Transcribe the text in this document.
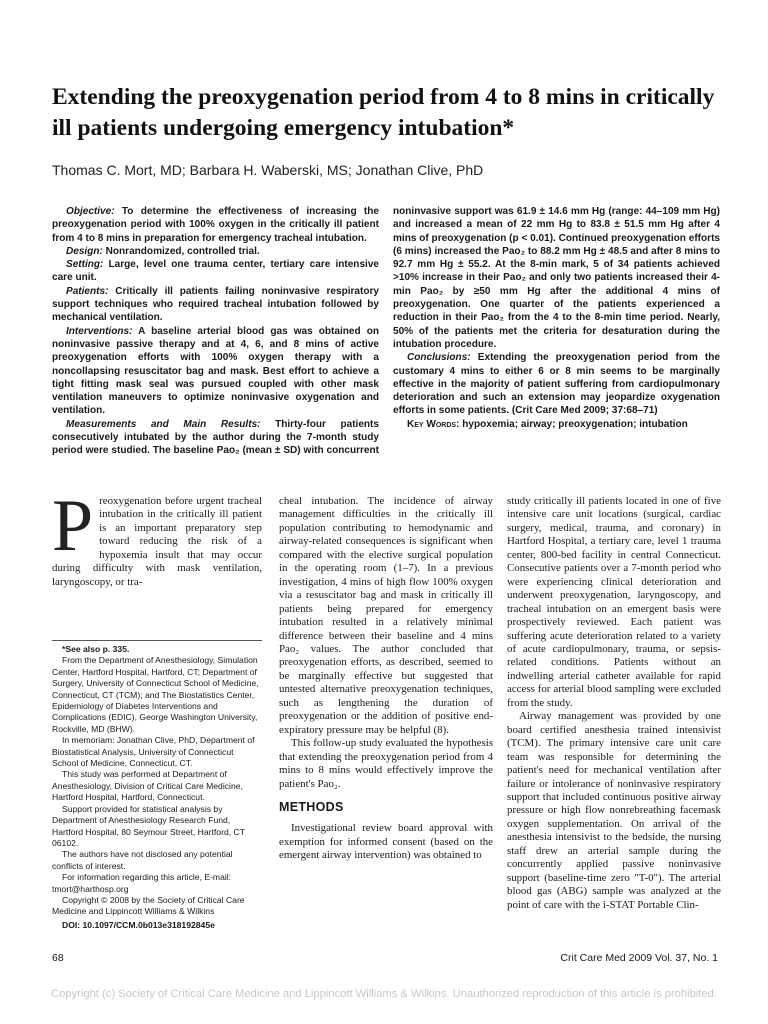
Extending the preoxygenation period from 4 to 8 mins in critically ill patients undergoing emergency intubation*
Thomas C. Mort, MD; Barbara H. Waberski, MS; Jonathan Clive, PhD

Objective: To determine the effectiveness of increasing the preoxygenation period with 100% oxygen in the critically ill patient from 4 to 8 mins in preparation for emergency tracheal intubation.

Design: Nonrandomized, controlled trial.

Setting: Large, level one trauma center, tertiary care intensive care unit.

Patients: Critically ill patients failing noninvasive respiratory support techniques who required tracheal intubation followed by mechanical ventilation.

Interventions: A baseline arterial blood gas was obtained on noninvasive passive therapy and at 4, 6, and 8 mins of active preoxygenation efforts with 100% oxygen therapy with a noncollapsing resuscitator bag and mask. Best effort to achieve a tight fitting mask seal was pursued coupled with other mask ventilation maneuvers to optimize noninvasive oxygenation and ventilation.

Measurements and Main Results: Thirty-four patients consecutively intubated by the author during the 7-month study period were studied. The baseline Pao₂ (mean ± SD) with concurrent noninvasive support was 61.9 ± 14.6 mm Hg (range: 44–109 mm Hg) and increased a mean of 22 mm Hg to 83.8 ± 51.5 mm Hg after 4 mins of preoxygenation (p < 0.01). Continued preoxygenation efforts (6 mins) increased the Pao₂ to 88.2 mm Hg ± 48.5 and after 8 mins to 92.7 mm Hg ± 55.2. At the 8-min mark, 5 of 34 patients achieved >10% increase in their Pao₂ and only two patients increased their 4-min Pao₂ by ≥50 mm Hg after the additional 4 mins of preoxygenation. One quarter of the patients experienced a reduction in their Pao₂ from the 4 to the 8-min time period. Nearly, 50% of the patients met the criteria for desaturation during the intubation procedure.

Conclusions: Extending the preoxygenation period from the customary 4 mins to either 6 or 8 min seems to be marginally effective in the majority of patient suffering from cardiopulmonary deterioration and such an extension may jeopardize oxygenation efforts in some patients. (Crit Care Med 2009; 37:68–71)

Key Words: hypoxemia; airway; preoxygenation; intubation

P reoxygenation before urgent tracheal intubation in the critically ill patient is an important preparatory step toward reducing the risk of a hypoxemia insult that may occur during difficulty with mask ventilation, laryngoscopy, or tra-

*See also p. 335.

From the Department of Anesthesiology, Simulation Center, Hartford Hospital, Hartford, CT; Department of Surgery, University of Connecticut School of Medicine, Connecticut, CT (TCM); and The Biostatistics Center, Epidemiology of Diabetes Interventions and Complications (EDIC), George Washington University, Rockville, MD (BHW).

In memoriam: Jonathan Clive, PhD, Department of Biostatistical Analysis, University of Connecticut School of Medicine, Connecticut, CT.

This study was performed at Department of Anesthesiology, Division of Critical Care Medicine, Hartford Hospital, Hartford, Connecticut.

Support provided for statistical analysis by Department of Anesthesiology Research Fund, Hartford Hospital, 80 Seymour Street, Hartford, CT 06102.

The authors have not disclosed any potential conflicts of interest.

For information regarding this article, E-mail: tmort@harthosp.org

Copyright © 2008 by the Society of Critical Care Medicine and Lippincott Williams & Wilkins

DOI: 10.1097/CCM.0b013e318192845e

cheal intubation. The incidence of airway management difficulties in the critically ill population contributing to hemodynamic and airway-related consequences is significant when compared with the elective surgical population in the operating room (1–7). In a previous investigation, 4 mins of high flow 100% oxygen via a resuscitator bag and mask in critically ill patients being prepared for emergency intubation resulted in a relatively minimal difference between their baseline and 4 mins Pao₂ values. The author concluded that preoxygenation efforts, as described, seemed to be marginally effective but suggested that untested alternative preoxygenation techniques, such as lengthening the duration of preoxygenation or the addition of positive end-expiratory pressure may be helpful (8).

This follow-up study evaluated the hypothesis that extending the preoxygenation period from 4 mins to 8 mins would effectively improve the patient's Pao₂.

METHODS

Investigational review board approval with exemption for informed consent (based on the emergent airway intervention) was obtained to

study critically ill patients located in one of five intensive care unit locations (surgical, cardiac surgery, medical, trauma, and coronary) in Hartford Hospital, a tertiary care, level 1 trauma center, 800-bed facility in central Connecticut. Consecutive patients over a 7-month period who were experiencing clinical deterioration and underwent preoxygenation, laryngoscopy, and tracheal intubation on an emergent basis were prospectively reviewed. Each patient was suffering acute deterioration related to a variety of acute cardiopulmonary, trauma, or sepsis-related conditions. Patients without an indwelling arterial catheter available for rapid access for arterial blood sampling were excluded from the study.

Airway management was provided by one board certified anesthesia trained intensivist (TCM). The primary intensive care unit care team was responsible for determining the patient's need for mechanical ventilation after failure or intolerance of noninvasive respiratory support that included continuous positive airway pressure or high flow nonrebreathing facemask oxygen supplementation. On arrival of the anesthesia intensivist to the bedside, the nursing staff drew an arterial sample during the concurrently applied passive noninvasive support (baseline-time zero "T-0"). The arterial blood gas (ABG) sample was analyzed at the point of care with the i-STAT Portable Clin-

68	Crit Care Med 2009 Vol. 37, No. 1
Copyright (c) Society of Critical Care Medicine and Lippincott Williams & Wilkins. Unauthorized reproduction of this article is prohibited.
